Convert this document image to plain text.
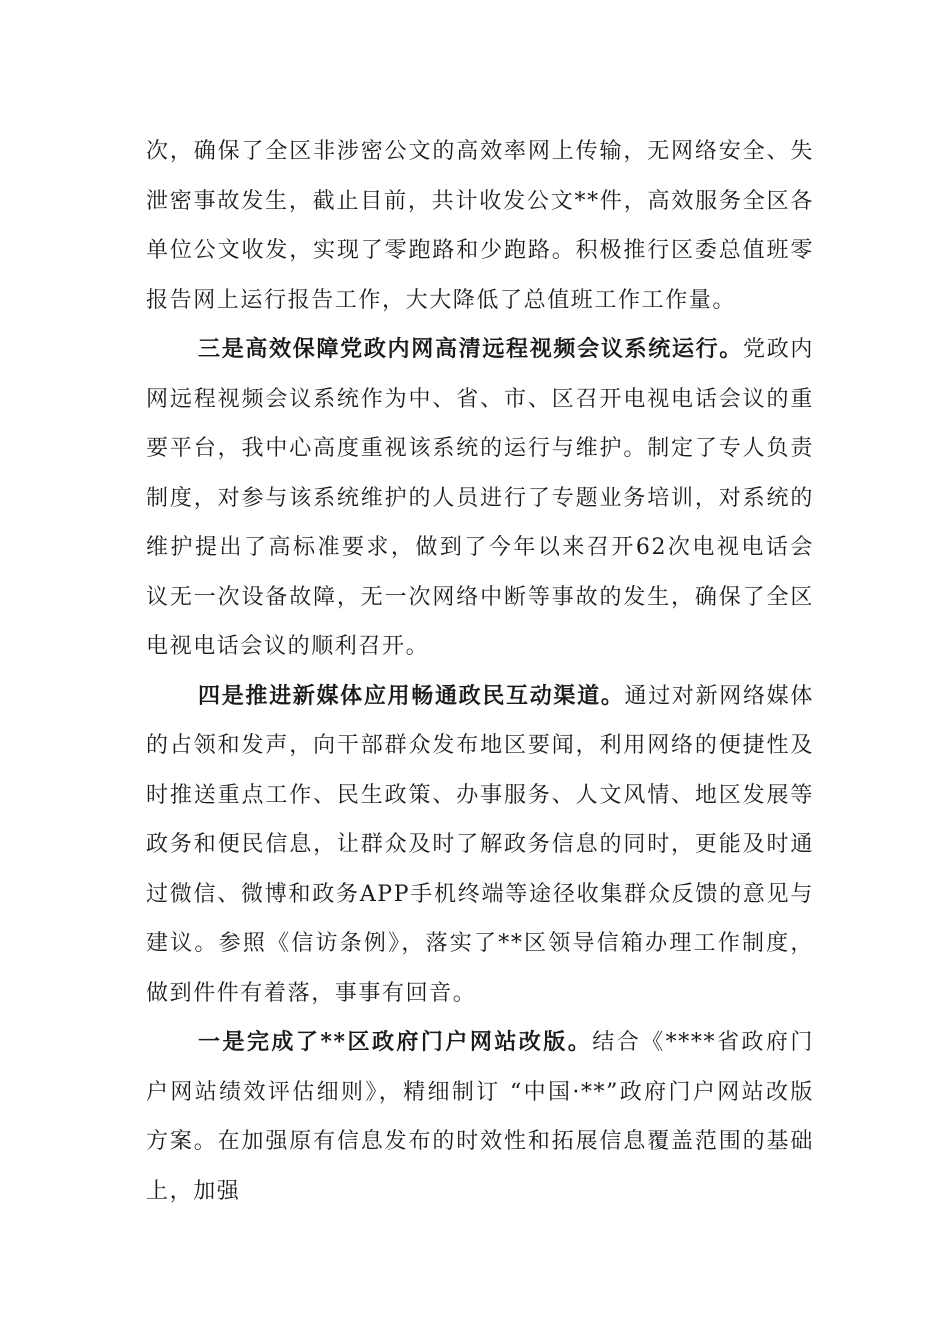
次，确保了全区非涉密公文的高效率网上传输，无网络安全、失泄密事故发生，截止目前，共计收发公文**件，高效服务全区各单位公文收发，实现了零跑路和少跑路。积极推行区委总值班零报告网上运行报告工作，大大降低了总值班工作工作量。

三是高效保障党政内网高清远程视频会议系统运行。党政内网远程视频会议系统作为中、省、市、区召开电视电话会议的重要平台，我中心高度重视该系统的运行与维护。制定了专人负责制度，对参与该系统维护的人员进行了专题业务培训，对系统的维护提出了高标准要求，做到了今年以来召开62次电视电话会议无一次设备故障，无一次网络中断等事故的发生，确保了全区电视电话会议的顺利召开。

四是推进新媒体应用畅通政民互动渠道。通过对新网络媒体的占领和发声，向干部群众发布地区要闻，利用网络的便捷性及时推送重点工作、民生政策、办事服务、人文风情、地区发展等政务和便民信息，让群众及时了解政务信息的同时，更能及时通过微信、微博和政务APP手机终端等途径收集群众反馈的意见与建议。参照《信访条例》，落实了**区领导信箱办理工作制度，做到件件有着落，事事有回音。

一是完成了**区政府门户网站改版。结合《****省政府门户网站绩效评估细则》，精细制订 “中国·**”政府门户网站改版方案。在加强原有信息发布的时效性和拓展信息覆盖范围的基础上，加强
